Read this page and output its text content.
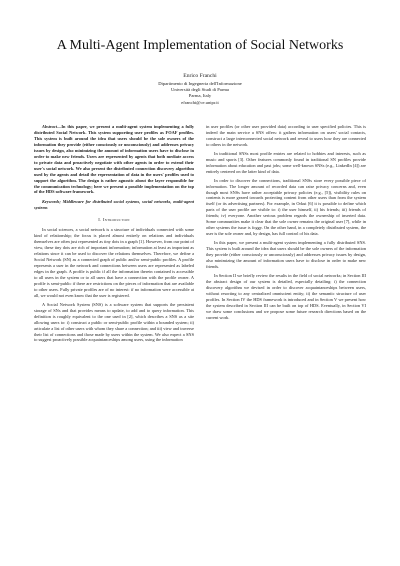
A Multi-Agent Implementation of Social Networks
Enrico Franchi
Dipartimento di Ingegneria dell'Informazione
Università degli Studi di Parma
Parma, Italy
efranchi@ce.unipr.it

Abstract—In this paper, we present a multi-agent system implementing a fully distributed Social Network. This system supporting user profiles as FOAF profiles. This system is built around the idea that users should be the sole owners of the information they provide (either consciously or unconsciously) and addresses privacy issues by design, also minimizing the amount of information users have to disclose in order to make new friends. Users are represented by agents that both mediate access to private data and proactively negotiate with other agents in order to extend their user's social network. We also present the distributed connection discovery algorithm used by the agents and detail the representation of data in the users' profiles used to support the algorithm. The design is rather agnostic about the layer responsible for the communication technology; here we present a possible implementation on the top of the HDS software framework.

Keywords; Middleware for distributed social systems, social networks, multi-agent systems

I. Introduction

In social sciences, a social network is a structure of individuals connected with some kind of relationship; the focus is placed almost entirely on relations and individuals themselves are often just represented as tiny dots in a graph [1]. However, from our point of view, these tiny dots are rich of important information; information at least as important as relations since it can be used to discover the relations themselves. Therefore, we define a Social Network (SN) as a connected graph of public and/or semi-public profiles. A profile represents a user in the network and connections between users are represented as labeled edges in the graph. A profile is public if all the information therein contained is accessible to all users in the system or to all users that have a connection with the profile owner. A profile is semi-public if there are restrictions on the pieces of information that are available to other users. Fully private profiles are of no interest: if no information were accessible at all, we would not even know that the user is registered.

A Social Network System (SNS) is a software system that supports the persistent storage of SNs and that provides means to update, to add and to query information. This definition is roughly equivalent to the one used in [2], which describes a SNS as a site allowing users to: i) construct a public or semi-public profile within a bounded system; ii) articulate a list of other users with whom they share a connection; and iii) view and traverse their list of connections and those made by users within the system. We also expect a SNS to suggest proactively possible acquaintanceships among users, using the information

in user profiles (or other user provided data) according to user specified policies. This is indeed the main service a SNS offers: it gathers information on users' social contacts, construct a large interconnected social network and reveal to users how they are connected to others in the network.

In traditional SNSs most profile entries are related to hobbies and interests, such as music and sports [3]. Other features commonly found in traditional SN profiles provide information about education and past jobs; some well-known SNSs (e.g., LinkedIn [4]) are entirely centered on the latter kind of data.

In order to discover the connections, traditional SNSs store every possible piece of information. The longer amount of recorded data can raise privacy concerns and, even though most SNSs have rather acceptable privacy policies (e.g., [5]), visibility rules on contents is more geared towards protecting content from other users than from the system itself (or its advertising partners). For example, in Orkut [6] it is possible to define which parts of the user profile are visible to: i) the user himself, ii) his friends; iii) friends of friends; iv) everyone. Another serious problem regards the ownership of inserted data. Some communities make it clear that the sole owner remains the original user [7], while in other systems the issue is foggy. On the other hand, in a completely distributed system, the user is the sole owner and, by design, has full control of his data.

In this paper, we present a multi-agent system implementing a fully distributed SNS. This system is built around the idea that users should be the sole owners of the information they provide (either consciously or unconsciously) and addresses privacy issues by design, also minimizing the amount of information users have to disclose in order to make new friends.

In Section II we briefly review the results in the field of social networks; in Section III the abstract design of our system is detailed, especially detailing: i) the connection discovery algorithm we devised in order to discover acquaintanceships between users, without resorting to any centralized omniscient entity; ii) the semantic structure of user profiles. In Section IV the HDS framework is introduced and in Section V we present how the system described in Section III can be built on top of HDS. Eventually, in Section VI we draw some conclusions and we propose some future research directions based on the current work.
